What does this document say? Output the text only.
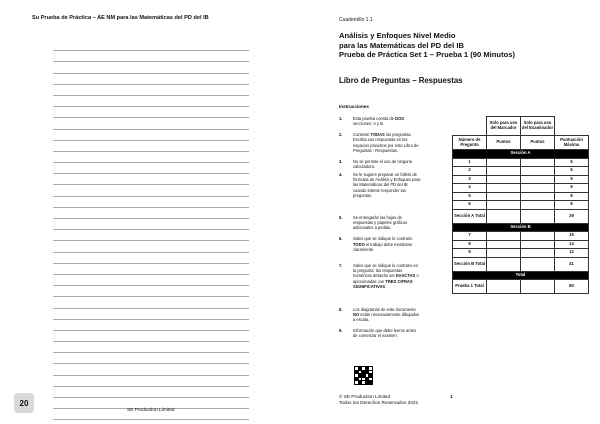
Su Prueba de Práctica – AE NM para las Matemáticas del PD del IB
20
SE Production Limited
Cuadernillo 1.1
Análisis y Enfoques Nivel Medio
para las Matemáticas del PD del IB
Prueba de Práctica Set 1 – Prueba 1 (90 Minutos)
Libro de Preguntas – Respuestas
Instrucciones
1.	Esta prueba consta de DOS secciones: A y B.
2.	Conteste TODAS las preguntas. Escriba sus respuestas en los espacios provistos por este Libro de Preguntas - Respuestas.
3.	No se permite el uso de ninguna calculadora.
4.	Se le sugiere preparar un folleto de fórmulas de Análisis y Enfoques para las Matemáticas del PD del IB cuando intente responder las preguntas.
5.	Se entregarán las hojas de respuestas y papeles gráficos adicionales a pedido.
6.	Salvo que se indique lo contrario TODO el trabajo debe mostrarse claramente.
7.	Salvo que se indique lo contrario en la pregunta: las respuestas numéricas deberán ser EXACTAS o aproximadas con TRES CIFRAS SIGNIFICATIVAS.
8.	Los diagramas de este documento NO están necesariamente dibujados a escala.
9.	Información que debe leerse antes de comenzar el examen:
© SE Production Limited
Todos los Derechos Reservados 2021
1
	Solo para uso del Marcador	Solo para uso del Examinador	
Número de Pregunta	Puntos	Puntos	Puntuación Máxima
Sección A			
1			6
2			6
3			5
4			6
5			8
6			8
Sección A Total			39
Sección B			
7			15
8			14
9			12
Sección B Total			41
Total			
Prueba 1 Total			80
